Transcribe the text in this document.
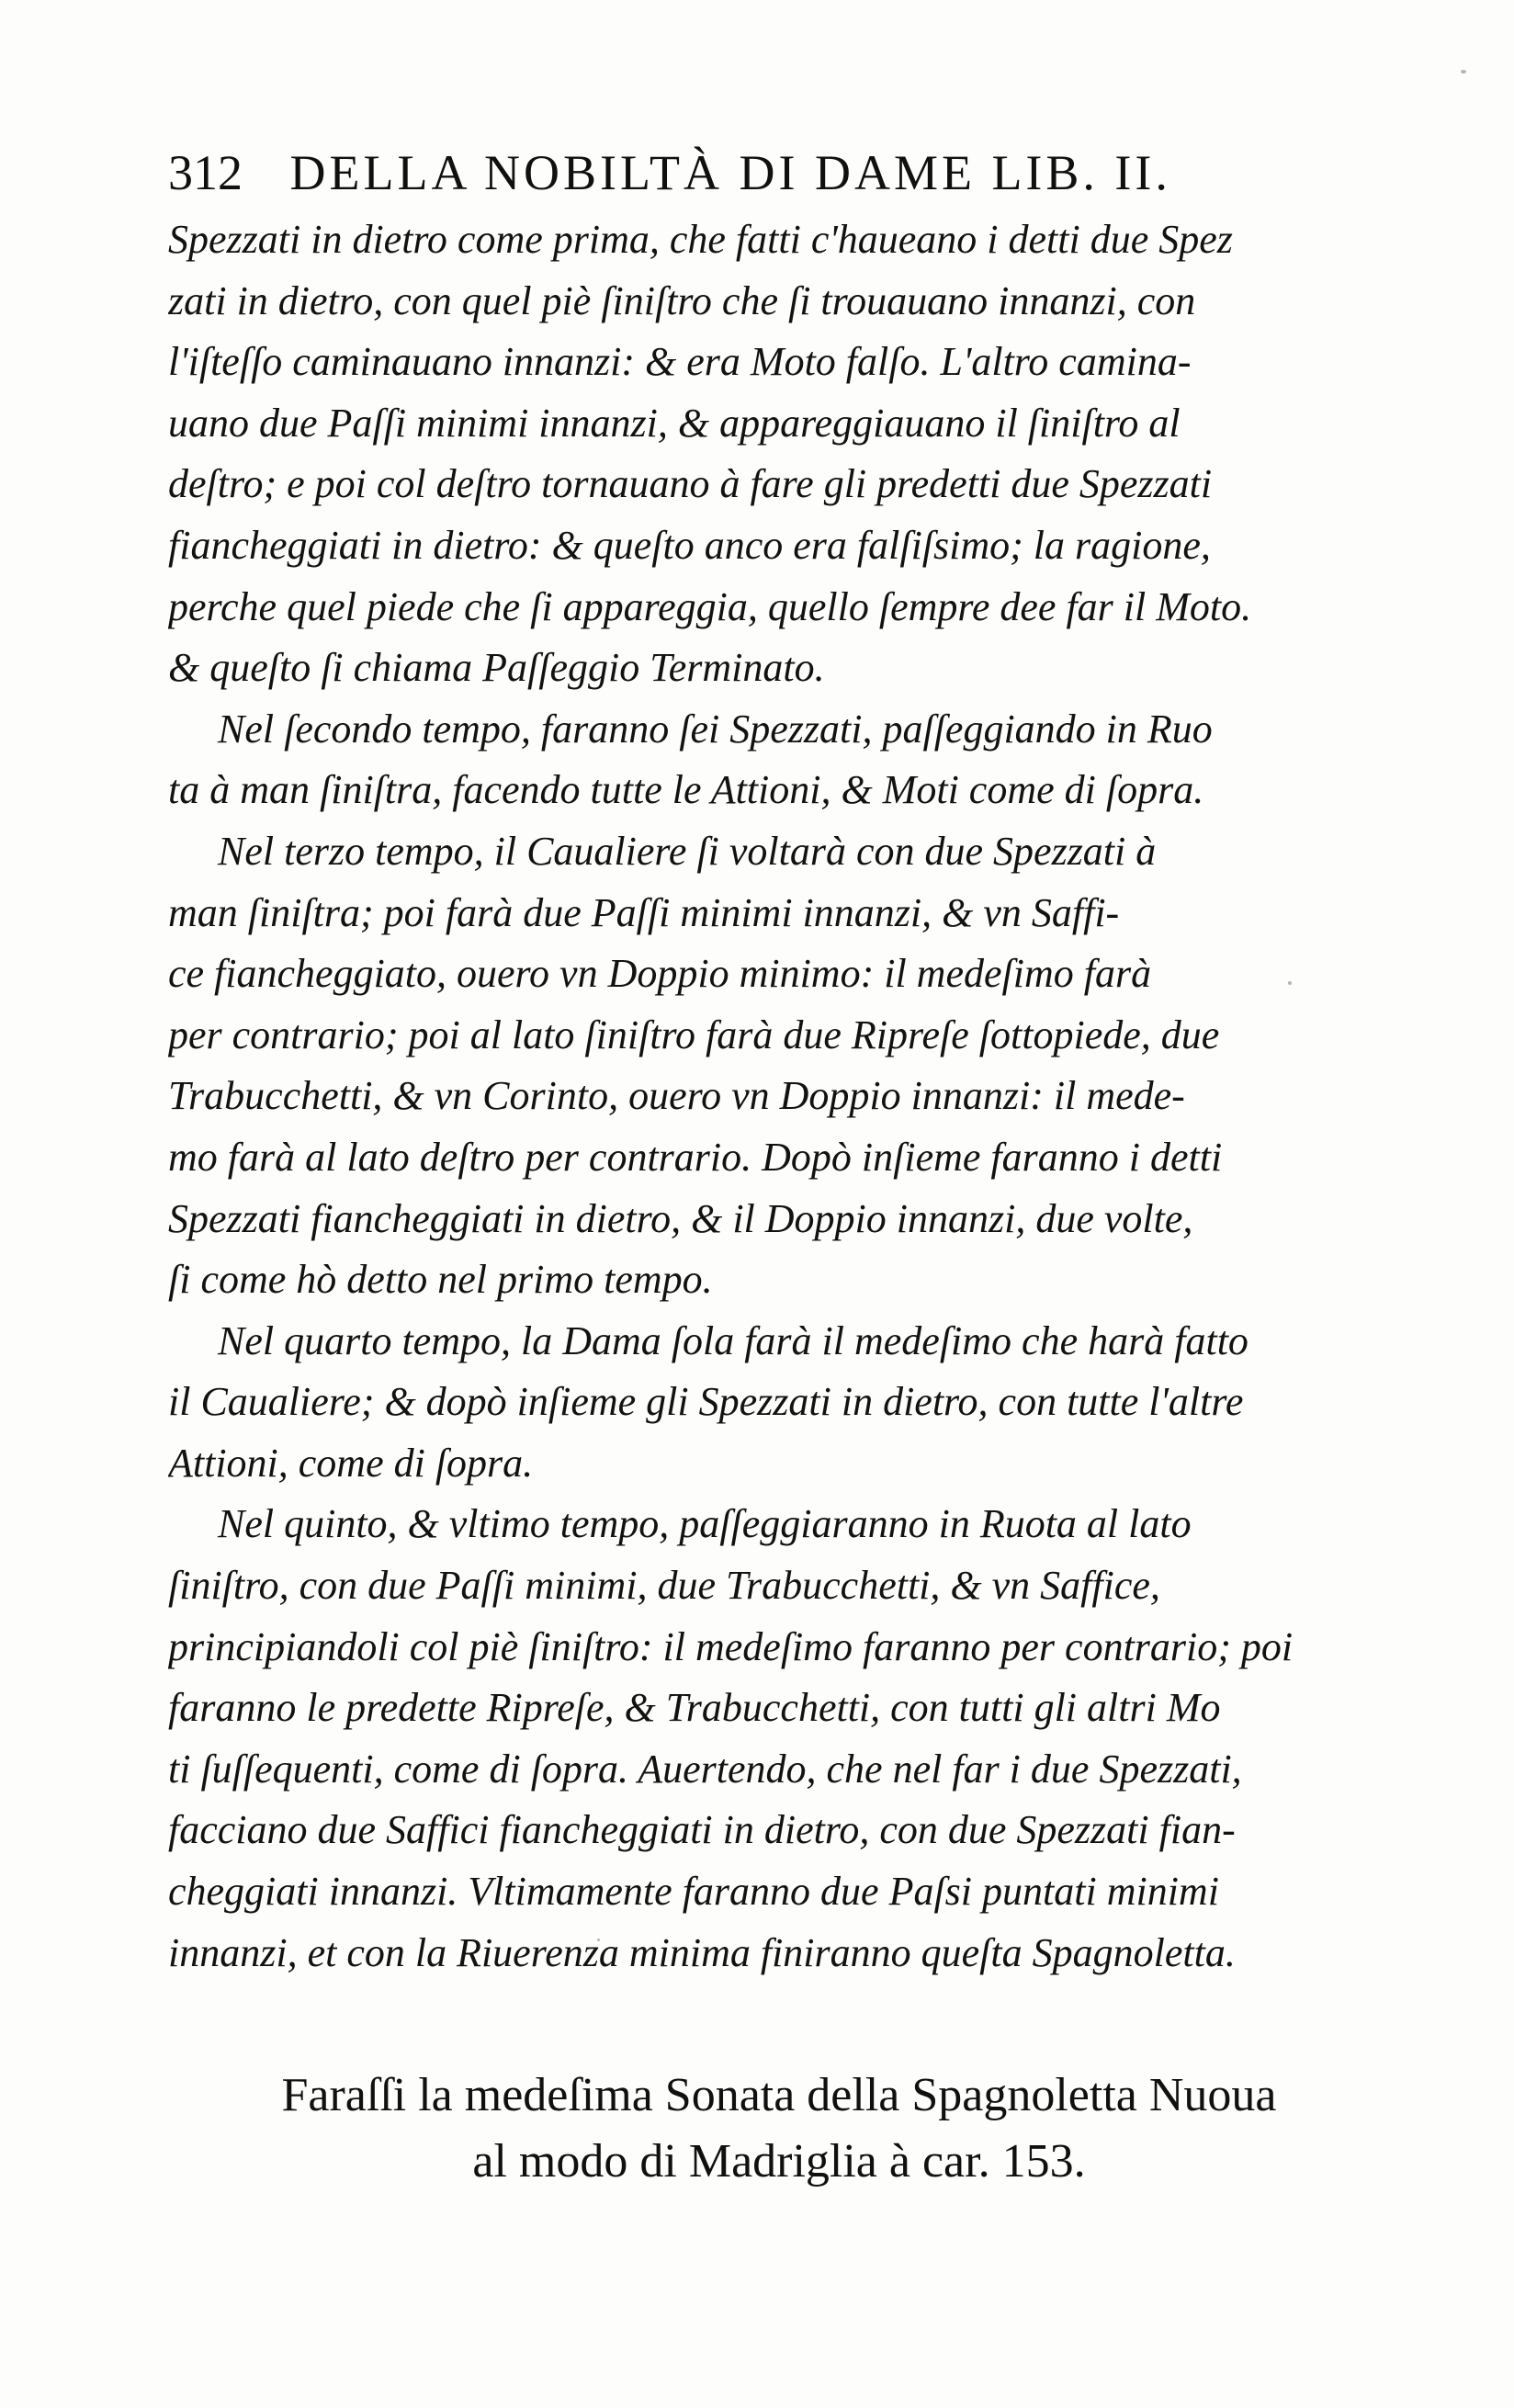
312 DELLA NOBILTÀ DI DAME LIB. II.
Spezzati in dietro come prima, che fatti c'haueano i detti due Spez
zati in dietro, con quel piè ſiniſtro che ſi trouauano innanzi, con
l'iſteſſo caminauano innanzi: & era Moto falſo. L'altro camina-
uano due Paſſi minimi innanzi, & appareggiauano il ſiniſtro al
deſtro; e poi col deſtro tornauano à fare gli predetti due Spezzati
fiancheggiati in dietro: & queſto anco era falſiſsimo; la ragione,
perche quel piede che ſi appareggia, quello ſempre dee far il Moto.
& queſto ſi chiama Paſſeggio Terminato.
Nel ſecondo tempo, faranno ſei Spezzati, paſſeggiando in Ruo
ta à man ſiniſtra, facendo tutte le Attioni, & Moti come di ſopra.
Nel terzo tempo, il Caualiere ſi voltarà con due Spezzati à
man ſiniſtra; poi farà due Paſſi minimi innanzi, & vn Saffi-
ce fiancheggiato, ouero vn Doppio minimo: il medeſimo farà
per contrario; poi al lato ſiniſtro farà due Ripreſe ſottopiede, due
Trabucchetti, & vn Corinto, ouero vn Doppio innanzi: il mede-
mo farà al lato deſtro per contrario. Dopò inſieme faranno i detti
Spezzati fiancheggiati in dietro, & il Doppio innanzi, due volte,
ſi come hò detto nel primo tempo.
Nel quarto tempo, la Dama ſola farà il medeſimo che harà fatto
il Caualiere; & dopò inſieme gli Spezzati in dietro, con tutte l'altre
Attioni, come di ſopra.
Nel quinto, & vltimo tempo, paſſeggiaranno in Ruota al lato
ſiniſtro, con due Paſſi minimi, due Trabucchetti, & vn Saffice,
principiandoli col piè ſiniſtro: il medeſimo faranno per contrario; poi
faranno le predette Ripreſe, & Trabucchetti, con tutti gli altri Mo
ti ſuſſequenti, come di ſopra. Auertendo, che nel far i due Spezzati,
facciano due Saffici fiancheggiati in dietro, con due Spezzati fian-
cheggiati innanzi. Vltimamente faranno due Paſsi puntati minimi
innanzi, et con la Riuerenza minima finiranno queſta Spagnoletta.
Faraſſi la medeſima Sonata della Spagnoletta Nuoua
al modo di Madriglia à car. 153.
